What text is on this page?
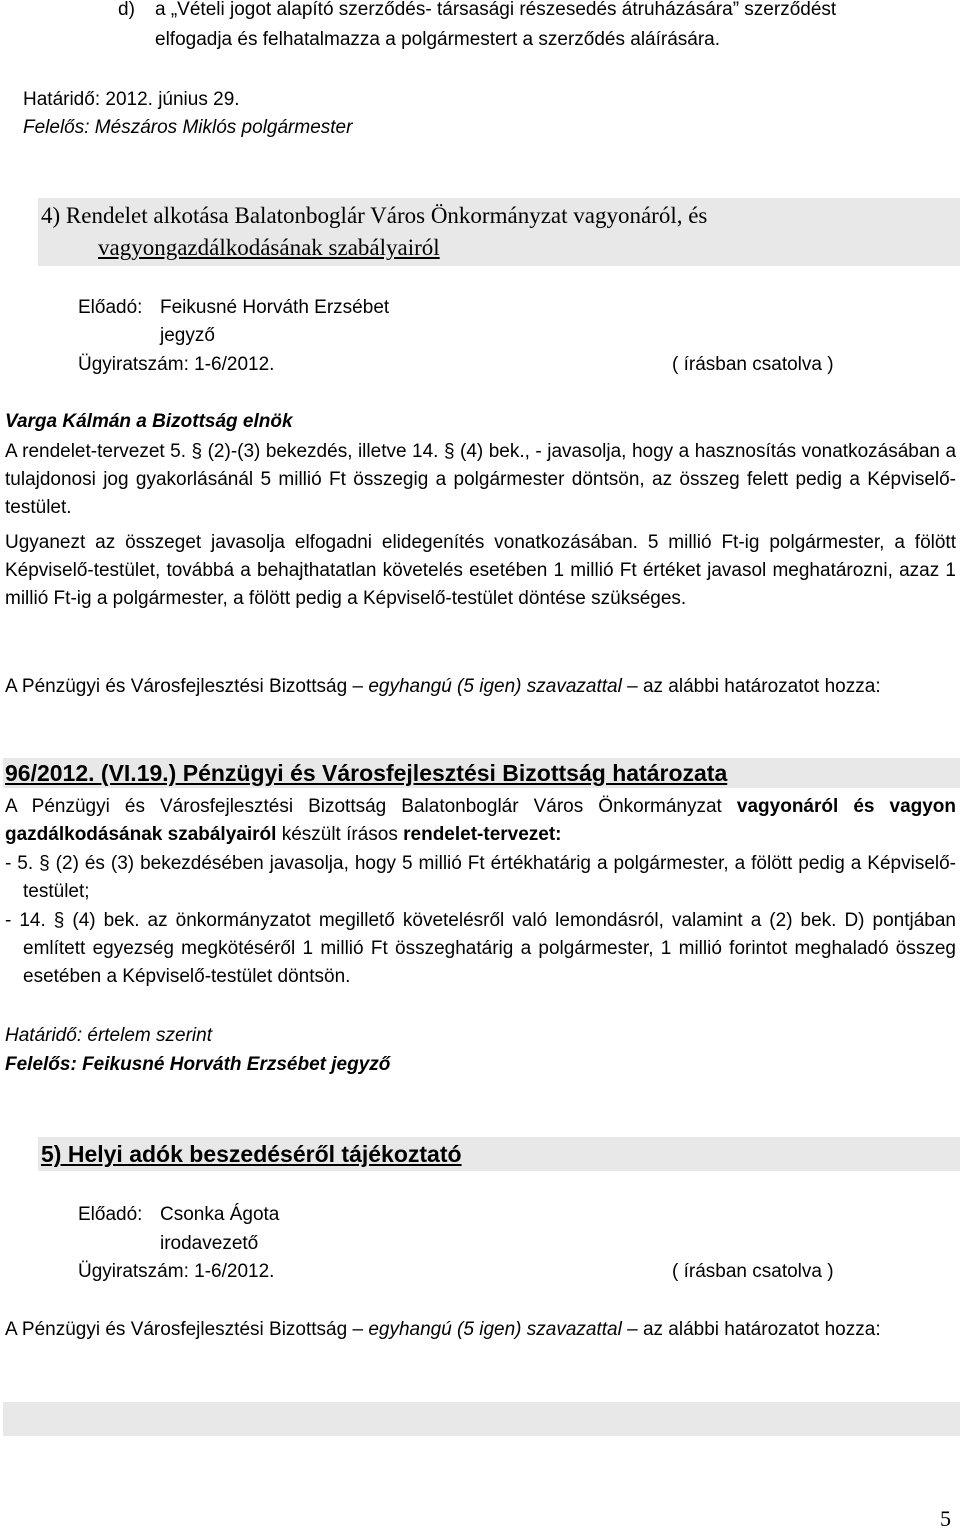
d) a „Vételi jogot alapító szerződés- társasági részesedés átruházására” szerződést
elfogadja és felhatalmazza a polgármestert a szerződés aláírására.
Határidő: 2012. június 29.
Felelős: Mészáros Miklós polgármester
4) Rendelet alkotása Balatonboglár Város Önkormányzat vagyonáról, és
vagyongazdálkodásának szabályairól
Előadó: Feikusné Horváth Erzsébet
jegyző
Ügyiratszám: 1-6/2012.	( írásban csatolva )
Varga Kálmán a Bizottság elnök
A rendelet-tervezet 5. § (2)-(3) bekezdés, illetve 14. § (4) bek., - javasolja, hogy a hasznosítás vonatkozásában a tulajdonosi jog gyakorlásánál 5 millió Ft összegig a polgármester döntsön, az összeg felett pedig a Képviselő-testület.
Ugyanezt az összeget javasolja elfogadni elidegenítés vonatkozásában. 5 millió Ft-ig polgármester, a fölött Képviselő-testület, továbbá a behajthatatlan követelés esetében 1 millió Ft értéket javasol meghatározni, azaz 1 millió Ft-ig a polgármester, a fölött pedig a Képviselő-testület döntése szükséges.
A Pénzügyi és Városfejlesztési Bizottság – egyhangú (5 igen) szavazattal – az alábbi határozatot hozza:
96/2012. (VI.19.) Pénzügyi és Városfejlesztési Bizottság határozata
A Pénzügyi és Városfejlesztési Bizottság Balatonboglár Város Önkormányzat vagyonáról és vagyon gazdálkodásának szabályairól készült írásos rendelet-tervezet:
- 5. § (2) és (3) bekezdésében javasolja, hogy 5 millió Ft értékhatárig a polgármester, a fölött pedig a Képviselő-testület;
- 14. § (4) bek. az önkormányzatot megillető követelésről való lemondásról, valamint a (2) bek. D) pontjában említett egyezség megkötéséről 1 millió Ft összeghatárig a polgármester, 1 millió forintot meghaladó összeg esetében a Képviselő-testület döntsön.
Határidő: értelem szerint
Felelős: Feikusné Horváth Erzsébet jegyző
5) Helyi adók beszedéséről tájékoztató
Előadó: Csonka Ágota
irodavezető
Ügyiratszám: 1-6/2012.	( írásban csatolva )
A Pénzügyi és Városfejlesztési Bizottság – egyhangú (5 igen) szavazattal – az alábbi határozatot hozza:
5
